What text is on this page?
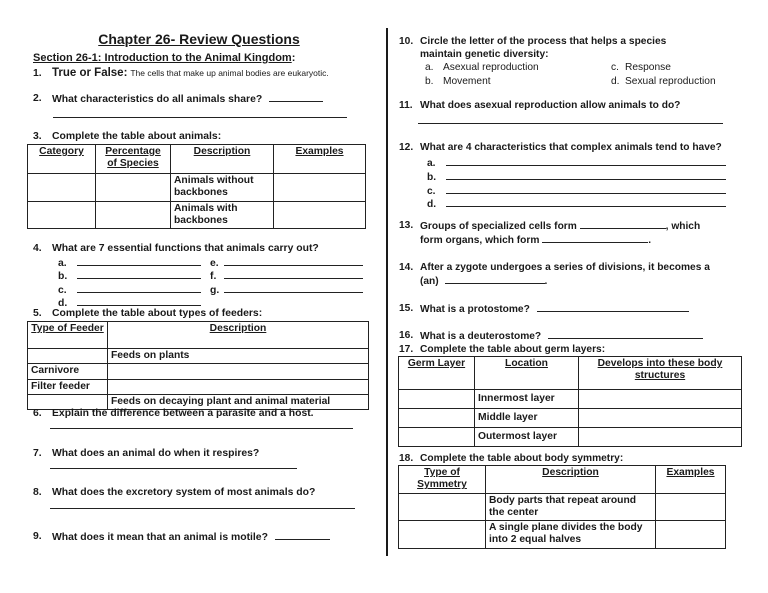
Chapter 26- Review Questions
Section 26-1: Introduction to the Animal Kingdom:
1. True or False: The cells that make up animal bodies are eukaryotic.
2. What characteristics do all animals share?
3. Complete the table about animals:
Category	Percentage of Species	Description	Examples
		Animals without backbones	
		Animals with backbones	
4. What are 7 essential functions that animals carry out?
a.	e.
b.	f.
c.	g.
d.
5. Complete the table about types of feeders:
Type of Feeder	Description
	Feeds on plants
Carnivore	
Filter feeder	
	Feeds on decaying plant and animal material
6. Explain the difference between a parasite and a host.
7. What does an animal do when it respires?
8. What does the excretory system of most animals do?
9. What does it mean that an animal is motile?
10. Circle the letter of the process that helps a species
maintain genetic diversity:
a. Asexual reproduction
b. Movement
c. Response
d. Sexual reproduction
11. What does asexual reproduction allow animals to do?
12. What are 4 characteristics that complex animals tend to have?
a.
b.
c.
d.
13. Groups of specialized cells form	, which
form organs, which form	.
14. After a zygote undergoes a series of divisions, it becomes a
(an)	.
15. What is a protostome?
16. What is a deuterostome?
17. Complete the table about germ layers:
Germ Layer	Location	Develops into these body structures
	Innermost layer	
	Middle layer	
	Outermost layer	
18. Complete the table about body symmetry:
Type of Symmetry	Description	Examples
	Body parts that repeat around the center	
	A single plane divides the body into 2 equal halves	
